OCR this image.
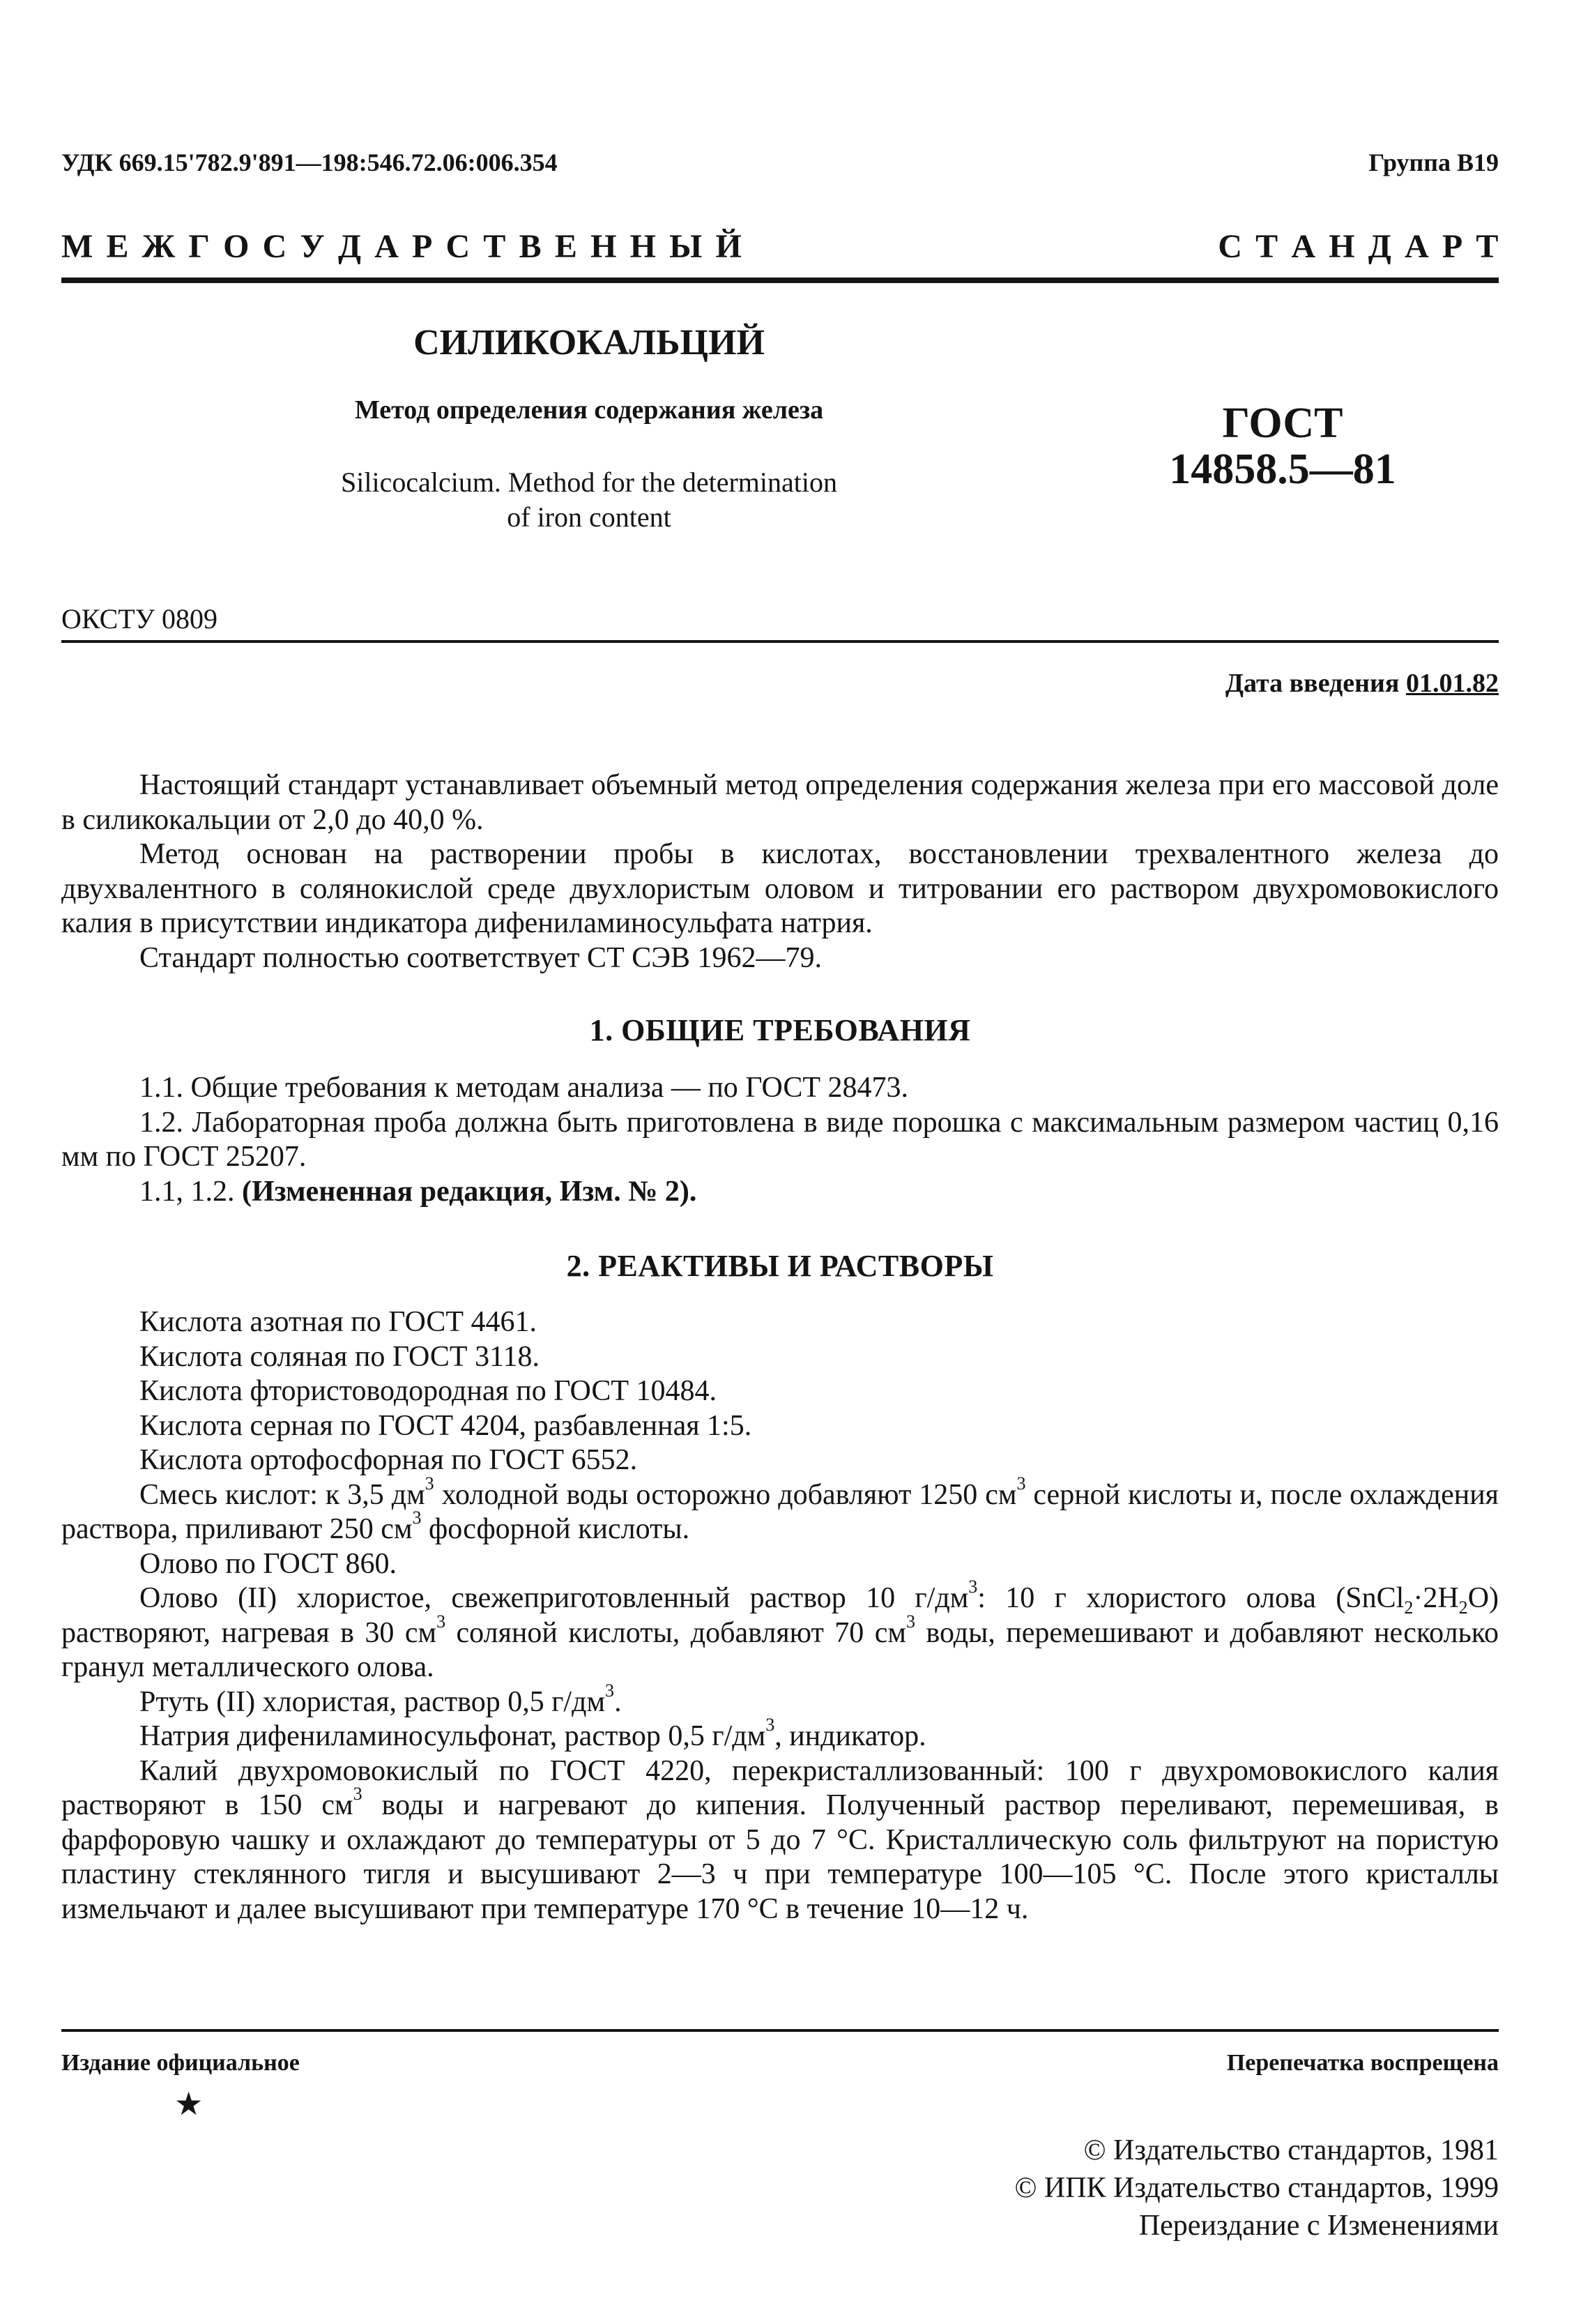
УДК 669.15'782.9'891—198:546.72.06:006.354	Группа В19
М Е Ж Г О С У Д А Р С Т В Е Н Н Ы Й	С Т А Н Д А Р Т
СИЛИКОКАЛЬЦИЙ
Метод определения содержания железа
Silicocalcium. Method for the determination
of iron content
ГОСТ
14858.5—81
ОКСТУ 0809
Дата введения 01.01.82

Настоящий стандарт устанавливает объемный метод определения содержания железа при его массовой доле в силикокальции от 2,0 до 40,0 %.

Метод основан на растворении пробы в кислотах, восстановлении трехвалентного железа до двухвалентного в солянокислой среде двухлористым оловом и титровании его раствором двухромовокислого калия в присутствии индикатора дифениламиносульфата натрия.

Стандарт полностью соответствует СТ СЭВ 1962—79.

1. ОБЩИЕ ТРЕБОВАНИЯ

1.1. Общие требования к методам анализа — по ГОСТ 28473.

1.2. Лабораторная проба должна быть приготовлена в виде порошка с максимальным размером частиц 0,16 мм по ГОСТ 25207.

1.1, 1.2. (Измененная редакция, Изм. № 2).

2. РЕАКТИВЫ И РАСТВОРЫ

Кислота азотная по ГОСТ 4461.

Кислота соляная по ГОСТ 3118.

Кислота фтористоводородная по ГОСТ 10484.

Кислота серная по ГОСТ 4204, разбавленная 1:5.

Кислота ортофосфорная по ГОСТ 6552.

Смесь кислот: к 3,5 $дм^3$ холодной воды осторожно добавляют 1250 $см^3$ серной кислоты и, после охлаждения раствора, приливают 250 $см^3$ фосфорной кислоты.

Олово по ГОСТ 860.

Олово (II) хлористое, свежеприготовленный раствор 10 $г/дм^3$: 10 г хлористого олова $(SnCl_2\cdot 2H_2O)$ растворяют, нагревая в 30 $см^3$ соляной кислоты, добавляют 70 $см^3$ воды, перемешивают и добавляют несколько гранул металлического олова.

Ртуть (II) хлористая, раствор 0,5 $г/дм^3$.

Натрия дифениламиносульфонат, раствор 0,5 $г/дм^3$, индикатор.

Калий двухромовокислый по ГОСТ 4220, перекристаллизованный: 100 г двухромовокислого калия растворяют в 150 $см^3$ воды и нагревают до кипения. Полученный раствор переливают, перемешивая, в фарфоровую чашку и охлаждают до температуры от 5 до 7 °С. Кристаллическую соль фильтруют на пористую пластину стеклянного тигля и высушивают 2—3 ч при температуре 100—105 °С. После этого кристаллы измельчают и далее высушивают при температуре 170 °С в течение 10—12 ч.

Издание официальное	Перепечатка воспрещена
★
© Издательство стандартов, 1981
© ИПК Издательство стандартов, 1999
Переиздание с Изменениями
